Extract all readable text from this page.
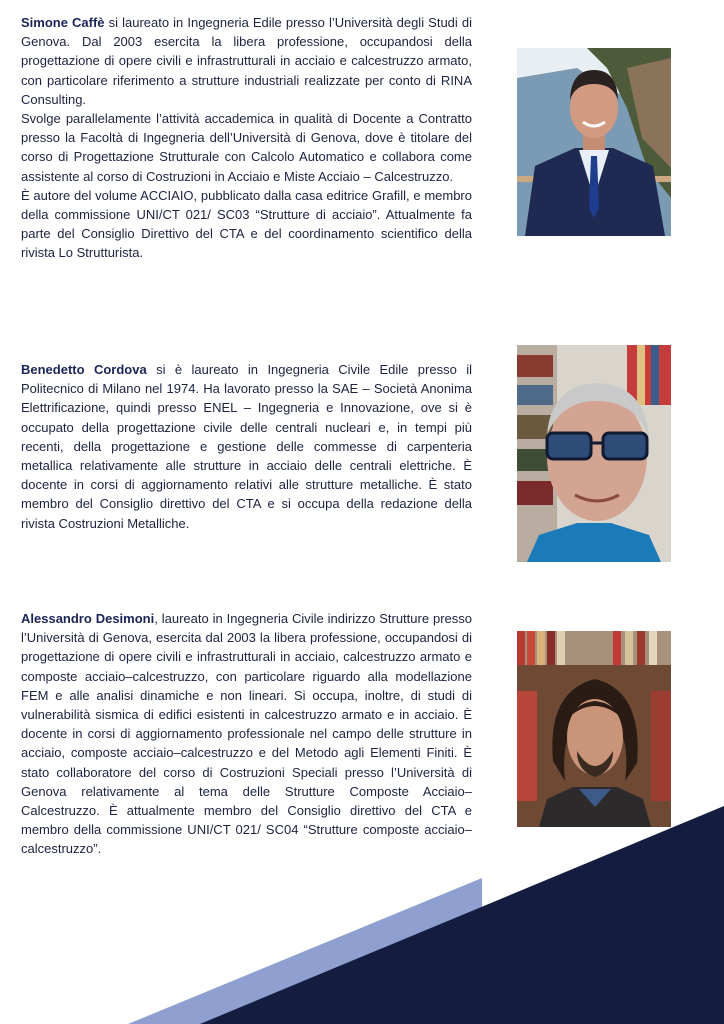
Simone Caffè si laureato in Ingegneria Edile presso l’Università degli Studi di Genova. Dal 2003 esercita la libera professione, occupandosi della progettazione di opere civili e infrastrutturali in acciaio e calcestruzzo armato, con particolare riferimento a strutture industriali realizzate per conto di RINA Consulting.
Svolge parallelamente l’attività accademica in qualità di Docente a Contratto presso la Facoltà di Ingegneria dell’Università di Genova, dove è titolare del corso di Progettazione Strutturale con Calcolo Automatico e collabora come assistente al corso di Costruzioni in Acciaio e Miste Acciaio – Calcestruzzo.
È autore del volume ACCIAIO, pubblicato dalla casa editrice Grafill, e membro della commissione UNI/CT 021/ SC03 “Strutture di acciaio”. Attualmente fa parte del Consiglio Direttivo del CTA e del coordinamento scientifico della rivista Lo Strutturista.
Benedetto Cordova si è laureato in Ingegneria Civile Edile presso il Politecnico di Milano nel 1974. Ha lavorato presso la SAE – Società Anonima Elettrificazione, quindi presso ENEL – Ingegneria e Innovazione, ove si è occupato della progettazione civile delle centrali nucleari e, in tempi più recenti, della progettazione e gestione delle commesse di carpenteria metallica relativamente alle strutture in acciaio delle centrali elettriche. È docente in corsi di aggiornamento relativi alle strutture metalliche. È stato membro del Consiglio direttivo del CTA e si occupa della redazione della rivista Costruzioni Metalliche.
Alessandro Desimoni, laureato in Ingegneria Civile indirizzo Strutture presso l’Università di Genova, esercita dal 2003 la libera professione, occupandosi di progettazione di opere civili e infrastrutturali in acciaio, calcestruzzo armato e composte acciaio–calcestruzzo, con particolare riguardo alla modellazione FEM e alle analisi dinamiche e non lineari. Si occupa, inoltre, di studi di vulnerabilità sismica di edifici esistenti in calcestruzzo armato e in acciaio. È docente in corsi di aggiornamento professionale nel campo delle strutture in acciaio, composte acciaio–calcestruzzo e del Metodo agli Elementi Finiti. È stato collaboratore del corso di Costruzioni Speciali presso l’Università di Genova relativamente al tema delle Strutture Composte Acciaio–Calcestruzzo. È attualmente membro del Consiglio direttivo del CTA e membro della commissione UNI/CT 021/ SC04 “Strutture composte acciaio–calcestruzzo”.
